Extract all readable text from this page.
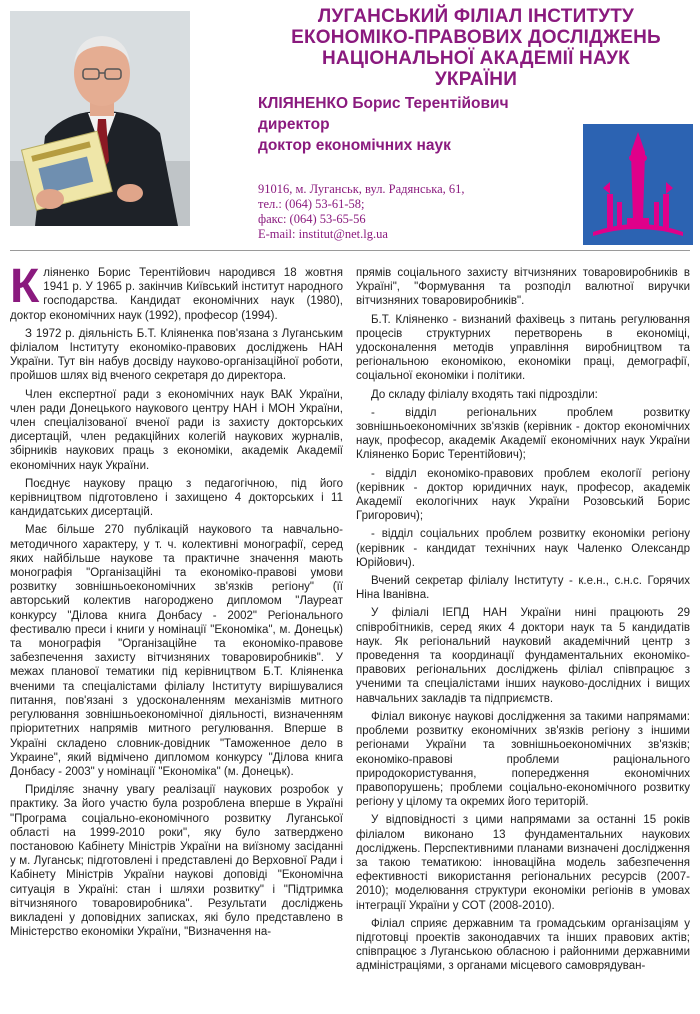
ЛУГАНСЬКИЙ ФІЛІАЛ ІНСТИТУТУ
ЕКОНОМІКО-ПРАВОВИХ ДОСЛІДЖЕНЬ
НАЦІОНАЛЬНОЇ АКАДЕМІЇ НАУК
УКРАЇНИ
КЛІЯНЕНКО Борис Терентійович
директор
доктор економічних наук
91016, м. Луганськ, вул. Радянська, 61,
тел.: (064) 53-61-58;
факс: (064) 53-65-56
E-mail: institut@net.lg.ua

Кліяненко Борис Терентійович народився 18 жовтня 1941 р. У 1965 р. закінчив Київський інститут народного господарства. Кандидат економічних наук (1980), доктор економічних наук (1992), професор (1994).

З 1972 р. діяльність Б.Т. Кліяненка пов'язана з Луганським філіалом Інституту економіко-правових досліджень НАН України. Тут він набув досвіду науково-організаційної роботи, пройшов шлях від вченого секретаря до директора.

Член експертної ради з економічних наук ВАК України, член ради Донецького наукового центру НАН і МОН України, член спеціалізованої вченої ради із захисту докторських дисертацій, член редакційних колегій наукових журналів, збірників наукових праць з економіки, академік Академії економічних наук України.

Поєднує наукову працю з педагогічною, під його керівництвом підготовлено і захищено 4 докторських і 11 кандидатських дисертацій.

Має більше 270 публікацій наукового та навчально-методичного характеру, у т. ч. колективні монографії, серед яких найбільше наукове та практичне значення мають монографія "Організаційні та економіко-правові умови розвитку зовнішньоекономічних зв'язків регіону" (її авторський колектив нагороджено дипломом "Лауреат конкурсу "Ділова книга Донбасу - 2002" Регіонального фестивалю преси і книги у номінації "Економіка", м. Донецьк) та монографія "Організаційне та економіко-правове забезпечення захисту вітчизняних товаровиробників". У межах планової тематики під керівництвом Б.Т. Кліяненка вченими та спеціалістами філіалу Інституту вирішувалися питання, пов'язані з удосконаленням механізмів митного регулювання зовнішньоекономічної діяльності, визначенням пріоритетних напрямів митного регулювання. Вперше в Україні складено словник-довідник "Таможенное дело в Украине", який відмічено дипломом конкурсу "Ділова книга Донбасу - 2003" у номінації "Економіка" (м. Донецьк).

Приділяє значну увагу реалізації наукових розробок у практику. За його участю була розроблена вперше в Україні "Програма соціально-економічного розвитку Луганської області на 1999-2010 роки", яку було затверджено постановою Кабінету Міністрів України на виїзному засіданні у м. Луганськ; підготовлені і представлені до Верховної Ради і Кабінету Міністрів України наукові доповіді "Економічна ситуація в Україні: стан і шляхи розвитку" і "Підтримка вітчизняного товаровиробника". Результати досліджень викладені у доповідних записках, які було представлено в Міністерство економіки України, "Визначення на-

прямів соціального захисту вітчизняних товаровиробників в Україні", "Формування та розподіл валютної виручки вітчизняних товаровиробників".

Б.Т. Кліяненко - визнаний фахівець з питань регулювання процесів структурних перетворень в економіці, удосконалення методів управління виробництвом та регіональною економікою, економіки праці, демографії, соціальної економіки і політики.

До складу філіалу входять такі підрозділи:

- відділ регіональних проблем розвитку зовнішньоекономічних зв'язків (керівник - доктор економічних наук, професор, академік Академії економічних наук України Кліяненко Борис Терентійович);

- відділ економіко-правових проблем екології регіону (керівник - доктор юридичних наук, професор, академік Академії екологічних наук України Розовський Борис Григорович);

- відділ соціальних проблем розвитку економіки регіону (керівник - кандидат технічних наук Чаленко Олександр Юрійович).

Вчений секретар філіалу Інституту - к.е.н., с.н.с. Горячих Ніна Іванівна.

У філіалі ІЕПД НАН України нині працюють 29 співробітників, серед яких 4 доктори наук та 5 кандидатів наук. Як регіональний науковий академічний центр з проведення та координації фундаментальних економіко-правових регіональних досліджень філіал співпрацює з ученими та спеціалістами інших науково-дослідних і вищих навчальних закладів та підприємств.

Філіал виконує наукові дослідження за такими напрямами: проблеми розвитку економічних зв'язків регіону з іншими регіонами України та зовнішньоекономічних зв'язків; економіко-правові проблеми раціонального природокористування, попередження економічних правопорушень; проблеми соціально-економічного розвитку регіону у цілому та окремих його територій.

У відповідності з цими напрямами за останні 15 років філіалом виконано 13 фундаментальних наукових досліджень. Перспективними планами визначені дослідження за такою тематикою: інноваційна модель забезпечення ефективності використання регіональних ресурсів (2007-2010); моделювання структури економіки регіонів в умовах інтеграції України у СОТ (2008-2010).

Філіал сприяє державним та громадським організаціям у підготовці проектів законодавчих та інших правових актів; співпрацює з Луганською обласною і районними державними адміністраціями, з органами місцевого самоврядуван-
